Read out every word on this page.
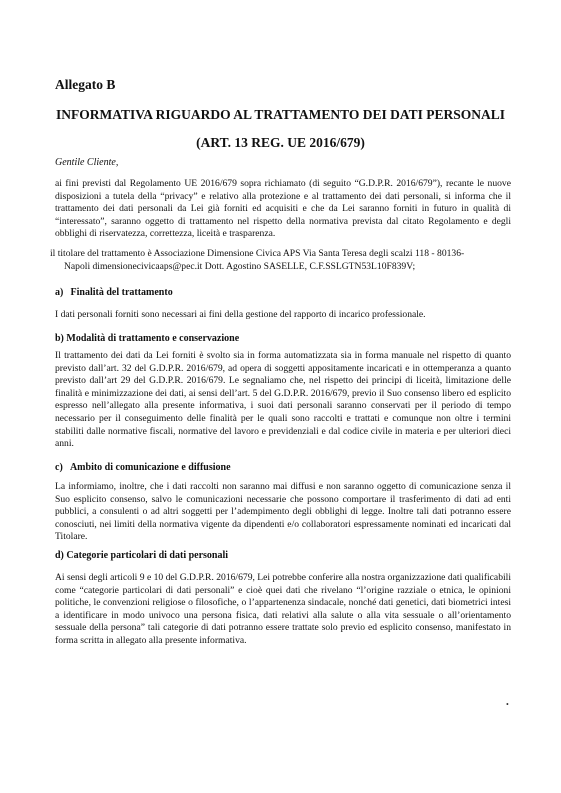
Allegato B

INFORMATIVA RIGUARDO AL TRATTAMENTO DEI DATI PERSONALI
(ART. 13 REG. UE 2016/679)

Gentile Cliente,

ai fini previsti dal Regolamento UE 2016/679 sopra richiamato (di seguito “G.D.P.R. 2016/679”), recante le nuove disposizioni a tutela della “privacy” e relativo alla protezione e al trattamento dei dati personali, si informa che il trattamento dei dati personali da Lei già forniti ed acquisiti e che da Lei saranno forniti in futuro in qualità di “interessato”, saranno oggetto di trattamento nel rispetto della normativa prevista dal citato Regolamento e degli obblighi di riservatezza, correttezza, liceità e trasparenza.

il titolare del trattamento è Associazione Dimensione Civica APS Via Santa Teresa degli scalzi 118 - 80136-
Napoli dimensionecivicaaps@pec.it Dott. Agostino SASELLE, C.F.SSLGTN53L10F839V;

a) Finalità del trattamento

I dati personali forniti sono necessari ai fini della gestione del rapporto di incarico professionale.

b) Modalità di trattamento e conservazione

Il trattamento dei dati da Lei forniti è svolto sia in forma automatizzata sia in forma manuale nel rispetto di quanto previsto dall’art. 32 del G.D.P.R. 2016/679, ad opera di soggetti appositamente incaricati e in ottemperanza a quanto previsto dall’art 29 del G.D.P.R. 2016/679. Le segnaliamo che, nel rispetto dei principi di liceità, limitazione delle finalità e minimizzazione dei dati, ai sensi dell’art. 5 del G.D.P.R. 2016/679, previo il Suo consenso libero ed esplicito espresso nell’allegato alla presente informativa, i suoi dati personali saranno conservati per il periodo di tempo necessario per il conseguimento delle finalità per le quali sono raccolti e trattati e comunque non oltre i termini stabiliti dalle normative fiscali, normative del lavoro e previdenziali e dal codice civile in materia e per ulteriori dieci anni.

c) Ambito di comunicazione e diffusione

La informiamo, inoltre, che i dati raccolti non saranno mai diffusi e non saranno oggetto di comunicazione senza il Suo esplicito consenso, salvo le comunicazioni necessarie che possono comportare il trasferimento di dati ad enti pubblici, a consulenti o ad altri soggetti per l’adempimento degli obblighi di legge. Inoltre tali dati potranno essere conosciuti, nei limiti della normativa vigente da dipendenti e/o collaboratori espressamente nominati ed incaricati dal Titolare.

d) Categorie particolari di dati personali

Ai sensi degli articoli 9 e 10 del G.D.P.R. 2016/679, Lei potrebbe conferire alla nostra organizzazione dati qualificabili come “categorie particolari di dati personali” e cioè quei dati che rivelano “l’origine razziale o etnica, le opinioni politiche, le convenzioni religiose o filosofiche, o l’appartenenza sindacale, nonché dati genetici, dati biometrici intesi a identificare in modo univoco una persona fisica, dati relativi alla salute o alla vita sessuale o all’orientamento sessuale della persona” tali categorie di dati potranno essere trattate solo previo ed esplicito consenso, manifestato in forma scritta in allegato alla presente informativa.

•
